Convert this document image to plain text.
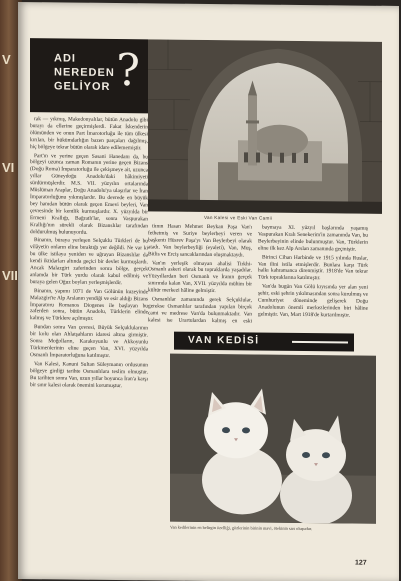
V
VI
VII
ADI
NEREDEN
GELİYOR ?

rak — yıkmış, Makedonyalılar, bütün Anadolu gibi burayı da ellerine geçirmişlerdi. Fakat İskenderin ölümünden ve onun Part İmarotorluğu ile tüm ülkesi kırılan, bir hükümdarlığın bazen parçaları dağılmış, hiç bölgeye tekrar bütün olarak idare edilememiştir.

Part'ın ve yerine geçen Sasani Hanedanı da, bu bölgeyi uzunca zaman Romanın yerine geçen Bizans (Doğu Roma) İmparatorluğu ile çekişmeye ait, uzunca yıllar Güneydoğu Anadolu'daki hâkimiyeti sürdürmüşlerdir. M.S. VII. yüzyılın ortalarında Müslüman Araplar, Doğu Anadolu'ya ulaşırlar ve İran İmparatorluğunu yıkmışlardır. Bu devrede en büyük bey hanıdan bütün olarak geçen Emevi beyleri, Van çevresinde bir kentlik kurmuşlardır. X. yüzyılda bir Ermeni Krallığı, Bağratlı'lar, sonra Vaspurakan Krallığı'nın sürekli olarak Bizanslılar tarafından doldurulmuş bulunuyordu.

Binanın, buraya yerleşen Selçuklu Türkleri de bu vilâyetin onların eline bıraktığı yer değildi. Ne var ki bu ülke istilaya yeniden ve uğrayan Bizanslılar da kendi iktidarları altında geçici bir devlet kurmuşlardı. Ancak Malazgirt zaferinden sonra bölge, gerçek anlamda bir Türk yurdu olarak kabul edilmiş ve buraya gelen Oğuz boyları yerleşmişlerdir.

Binanın, yapımı 1071 de Van Gölünün kuzeyinde Malazgirt'te Alp Arslanın yendiği ve esir aldığı Bizans İmparatoru Romanos Diogenes ile başlayan bu zaferden sonra, bütün Anadolu, Türklerin elinde kalmış ve Türklere açılmıştır.

Bundan sonra Van çevresi, Büyük Selçuklularının bir kolu olan Ahlatşahların idaresi altına girmiştir. Sonra Moğolların, Karakoyunlu ve Akkoyunlu Türkmenlerinin eline geçen Van, XVI. yüzyılda Osmanlı İmparatorluğuna katılmıştır.

Van Kalesi, Kanuni Sultan Süleymanın ordusunun bölgeye girdiği tarihte Osmanlılara teslim olmuştur. Bu tarihten sonra Van, uzun yıllar boyunca İran'a karşı bir sınır kalesi olarak önemini korumuştur.

Van Kalesi ve Eski Van Camii

tiının Hasan Mehmet Beykan Paşa Van'ı fethetmiş ve Suriye beylerbeyi veren ve başkentı Hüsrev Paşa'yı Van Beylerbeyi olarak atadı. Van beylerbeyliği (eyaleti), Van, Muş, Bitlis ve Erciş sancaklarından oluşmaktaydı.

Van'ın yerleşik olmayan ahalisi Tirkhi-Osmanlı askeri olarak bu topraklarda yaşadılar. Yüzyıllardan beri Osmanlı ve İranın gerçek sınırında kalan Van, XVII. yüzyılda mühim bir kültür merkezi hâline gelmiştir.

Osmanlılar zamanında gerek Selçuklular, gerekse Osmanlılar tarafından yapılan birçok cami ve medrese Van'da bulunmaktadır. Van kalesi ise Urartulardan kalmış en eski

baymaya XI. yüzyıl başlarında yaşamış Vaspurakan Kralı Senekerim'in zamanında Van, bu Beylerbeyinin elinde bulunmuştur. Van, Türklerin eline ilk kez Alp Arslan zamanında geçmiştir.

Birinci Cihan Harbinde ve 1915 yılında Ruslar, Van ilini istila etmişlerdir. Bunlara karşı Türk halkı kahramanca direnmiştir. 1918'de Van tekrar Türk topraklarına katılmıştır.

Van'da bugün Van Gölü kıyısında yer alan yeni şehir, eski şehrin yıkılmasından sonra kurulmuş ve Cumhuriyet döneminde gelişerek Doğu Anadolunun önemli merkezlerinden biri hâline gelmiştir. Van, Mart 1918'de kurtarılmıştır.

VAN KEDİSİ
Van kedilerinin en belirgin özelliği, gözlerinin birinin mavi, ötekinin sarı oluşudur.
127
